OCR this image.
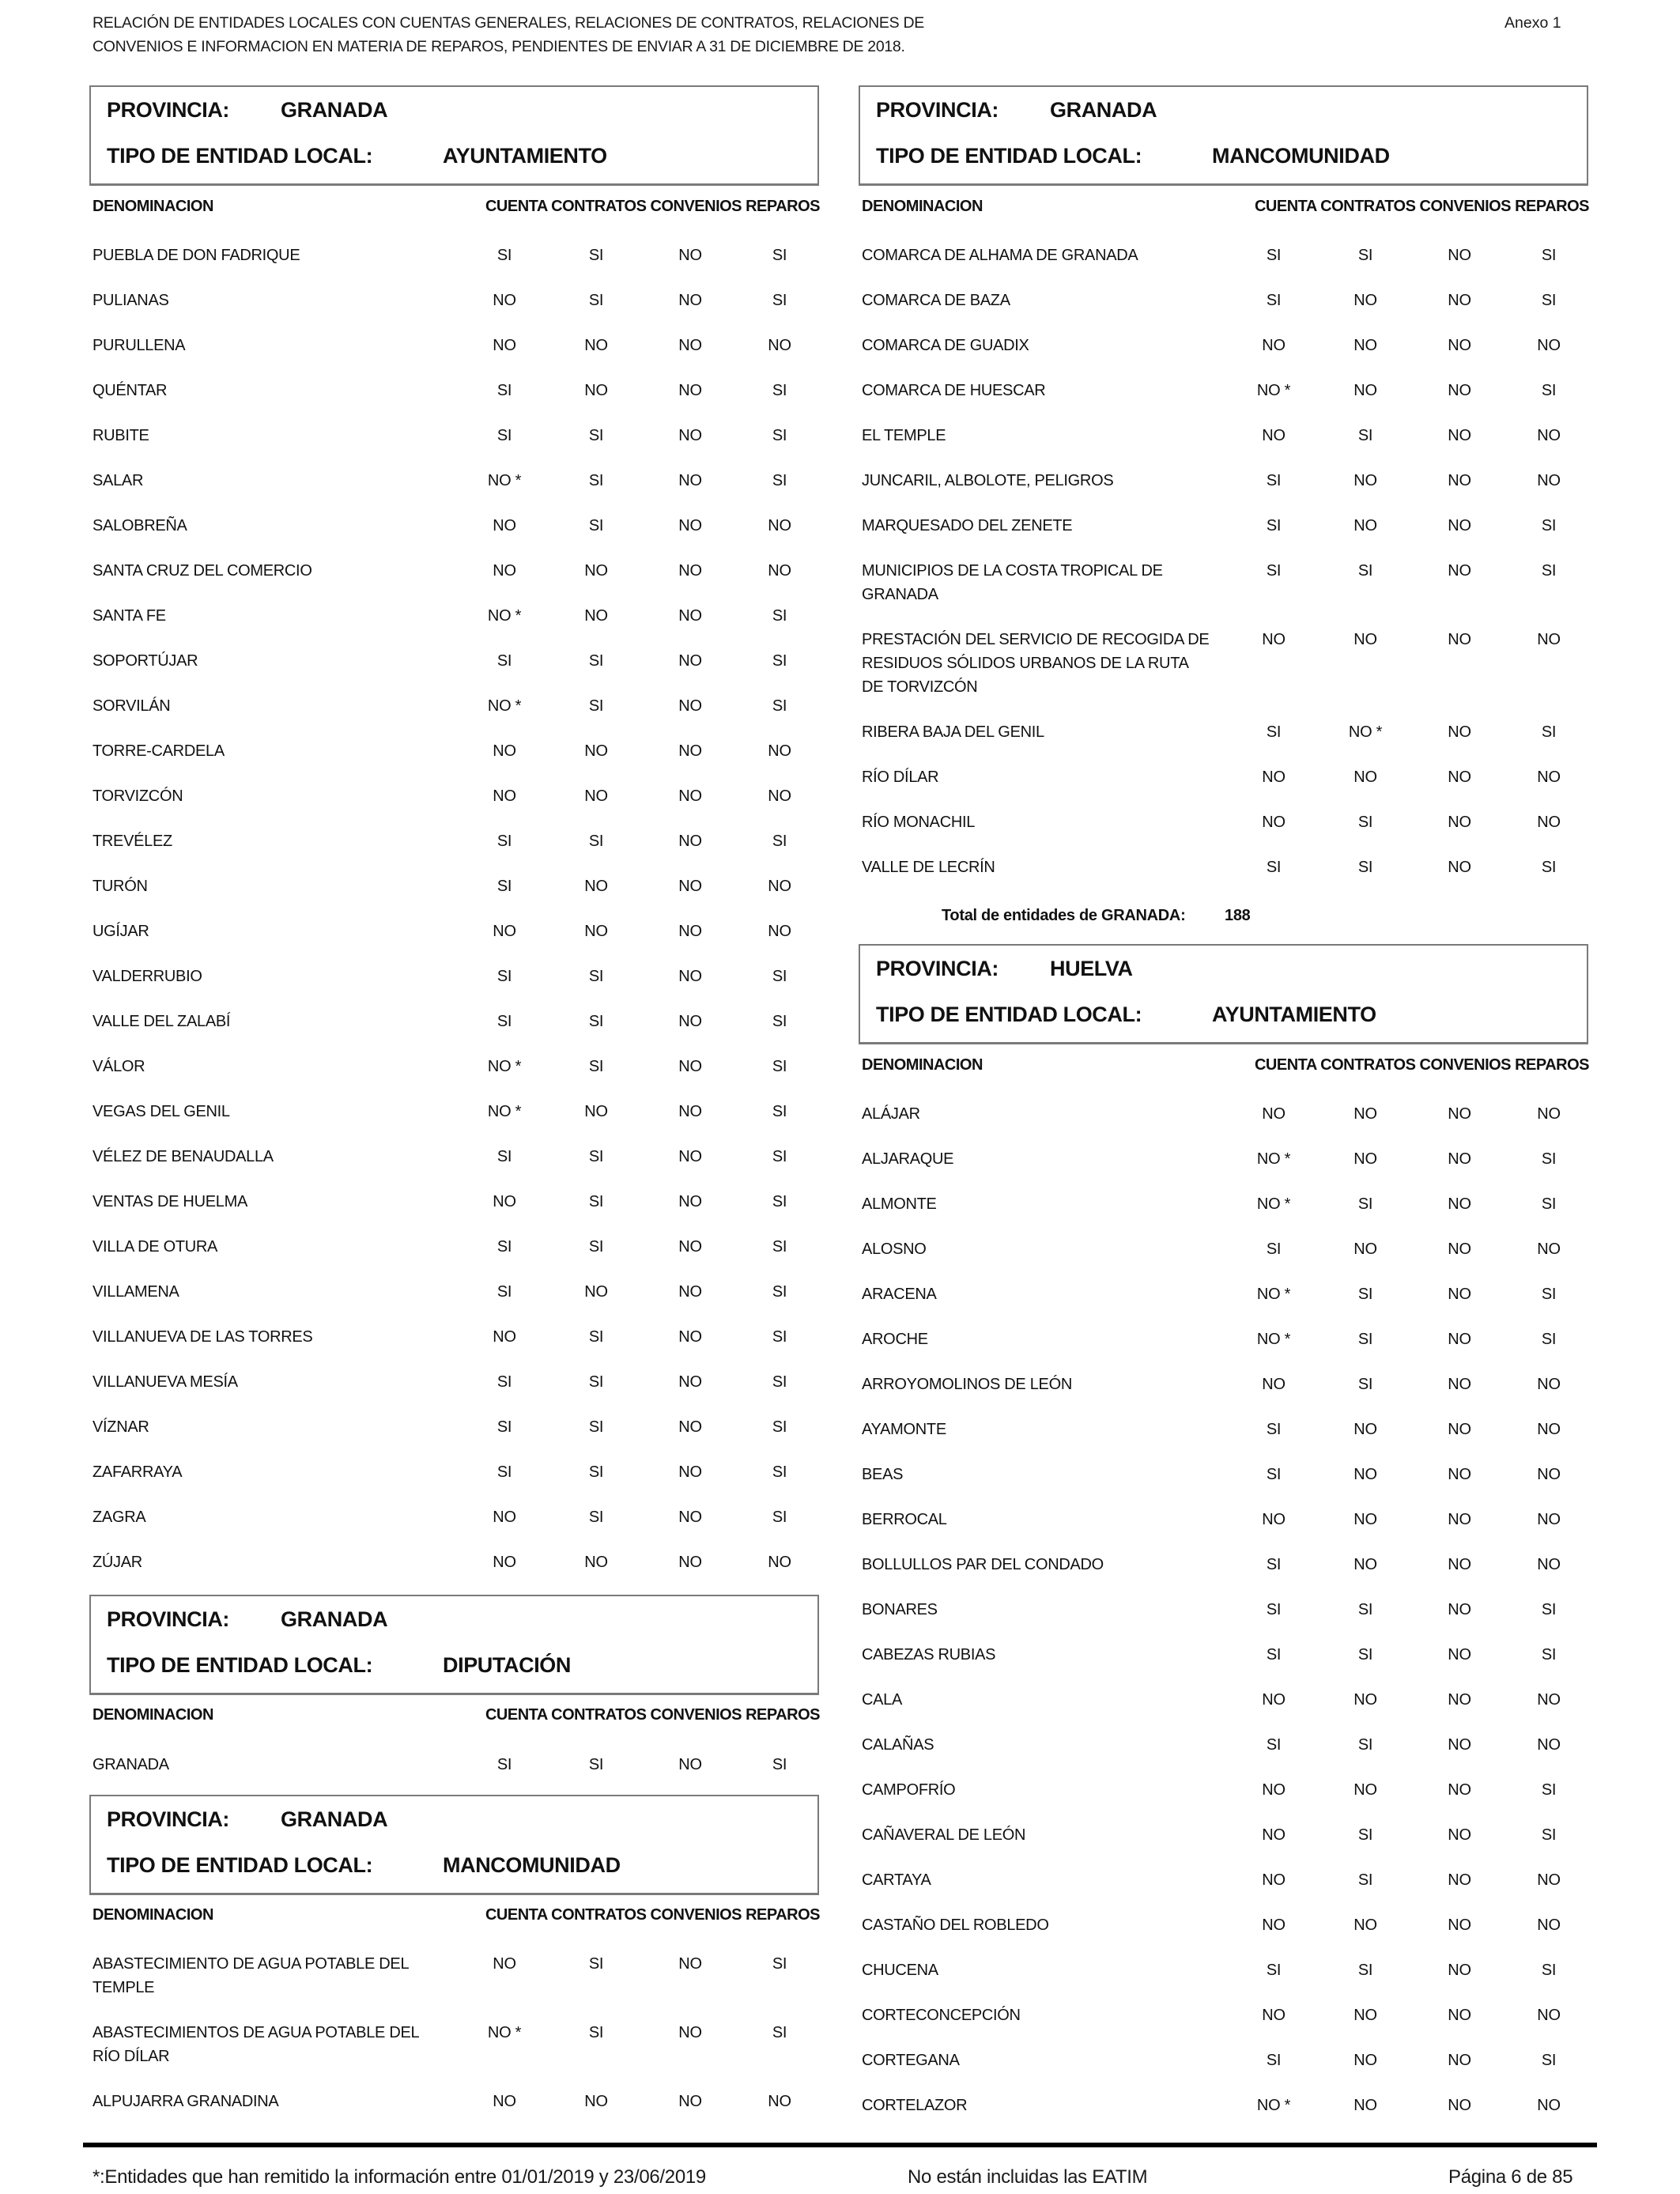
RELACIÓN DE ENTIDADES LOCALES CON CUENTAS GENERALES, RELACIONES DE CONTRATOS, RELACIONES DE
CONVENIOS E INFORMACION EN MATERIA DE REPAROS, PENDIENTES DE ENVIAR A 31 DE DICIEMBRE DE 2018.
Anexo 1
PROVINCIA: GRANADA
TIPO DE ENTIDAD LOCAL:	AYUNTAMIENTO
DENOMINACION	CUENTA CONTRATOS CONVENIOS REPAROS
PUEBLA DE DON FADRIQUE	SI	SI	NO	SI
PULIANAS	NO	SI	NO	SI
PURULLENA	NO	NO	NO	NO
QUÉNTAR	SI	NO	NO	SI
RUBITE	SI	SI	NO	SI
SALAR	NO *	SI	NO	SI
SALOBREÑA	NO	SI	NO	NO
SANTA CRUZ DEL COMERCIO	NO	NO	NO	NO
SANTA FE	NO *	NO	NO	SI
SOPORTÚJAR	SI	SI	NO	SI
SORVILÁN	NO *	SI	NO	SI
TORRE-CARDELA	NO	NO	NO	NO
TORVIZCÓN	NO	NO	NO	NO
TREVÉLEZ	SI	SI	NO	SI
TURÓN	SI	NO	NO	NO
UGÍJAR	NO	NO	NO	NO
VALDERRUBIO	SI	SI	NO	SI
VALLE DEL ZALABÍ	SI	SI	NO	SI
VÁLOR	NO *	SI	NO	SI
VEGAS DEL GENIL	NO *	NO	NO	SI
VÉLEZ DE BENAUDALLA	SI	SI	NO	SI
VENTAS DE HUELMA	NO	SI	NO	SI
VILLA DE OTURA	SI	SI	NO	SI
VILLAMENA	SI	NO	NO	SI
VILLANUEVA DE LAS TORRES	NO	SI	NO	SI
VILLANUEVA MESÍA	SI	SI	NO	SI
VÍZNAR	SI	SI	NO	SI
ZAFARRAYA	SI	SI	NO	SI
ZAGRA	NO	SI	NO	SI
ZÚJAR	NO	NO	NO	NO
PROVINCIA: GRANADA
TIPO DE ENTIDAD LOCAL:	DIPUTACIÓN
DENOMINACION	CUENTA CONTRATOS CONVENIOS REPAROS
GRANADA	SI	SI	NO	SI
PROVINCIA: GRANADA
TIPO DE ENTIDAD LOCAL:	MANCOMUNIDAD
DENOMINACION	CUENTA CONTRATOS CONVENIOS REPAROS
ABASTECIMIENTO DE AGUA POTABLE DEL TEMPLE
NO	SI	NO	SI
ABASTECIMIENTOS DE AGUA POTABLE DEL RÍO DÍLAR
NO *	SI	NO	SI
ALPUJARRA GRANADINA	NO	NO	NO	NO
PROVINCIA: GRANADA
TIPO DE ENTIDAD LOCAL:	MANCOMUNIDAD
DENOMINACION	CUENTA CONTRATOS CONVENIOS REPAROS
COMARCA DE ALHAMA DE GRANADA	SI	SI	NO	SI
COMARCA DE BAZA	SI	NO	NO	SI
COMARCA DE GUADIX	NO	NO	NO	NO
COMARCA DE HUESCAR	NO *	NO	NO	SI
EL TEMPLE	NO	SI	NO	NO
JUNCARIL, ALBOLOTE, PELIGROS	SI	NO	NO	NO
MARQUESADO DEL ZENETE	SI	NO	NO	SI
MUNICIPIOS DE LA COSTA TROPICAL DE GRANADA
SI	SI	NO	SI
PRESTACIÓN DEL SERVICIO DE RECOGIDA DE RESIDUOS SÓLIDOS URBANOS DE LA RUTA DE TORVIZCÓN
NO	NO	NO	NO
RIBERA BAJA DEL GENIL	SI	NO *	NO	SI
RÍO DÍLAR	NO	NO	NO	NO
RÍO MONACHIL	NO	SI	NO	NO
VALLE DE LECRÍN	SI	SI	NO	SI
Total de entidades de GRANADA: 188
PROVINCIA: HUELVA
TIPO DE ENTIDAD LOCAL:	AYUNTAMIENTO
DENOMINACION	CUENTA CONTRATOS CONVENIOS REPAROS
ALÁJAR	NO	NO	NO	NO
ALJARAQUE	NO *	NO	NO	SI
ALMONTE	NO *	SI	NO	SI
ALOSNO	SI	NO	NO	NO
ARACENA	NO *	SI	NO	SI
AROCHE	NO *	SI	NO	SI
ARROYOMOLINOS DE LEÓN	NO	SI	NO	NO
AYAMONTE	SI	NO	NO	NO
BEAS	SI	NO	NO	NO
BERROCAL	NO	NO	NO	NO
BOLLULLOS PAR DEL CONDADO	SI	NO	NO	NO
BONARES	SI	SI	NO	SI
CABEZAS RUBIAS	SI	SI	NO	SI
CALA	NO	NO	NO	NO
CALAÑAS	SI	SI	NO	NO
CAMPOFRÍO	NO	NO	NO	SI
CAÑAVERAL DE LEÓN	NO	SI	NO	SI
CARTAYA	NO	SI	NO	NO
CASTAÑO DEL ROBLEDO	NO	NO	NO	NO
CHUCENA	SI	SI	NO	SI
CORTECONCEPCIÓN	NO	NO	NO	NO
CORTEGANA	SI	NO	NO	SI
CORTELAZOR	NO *	NO	NO	NO
*:Entidades que han remitido la información entre 01/01/2019 y 23/06/2019	No están incluidas las EATIM	Página 6 de 85
